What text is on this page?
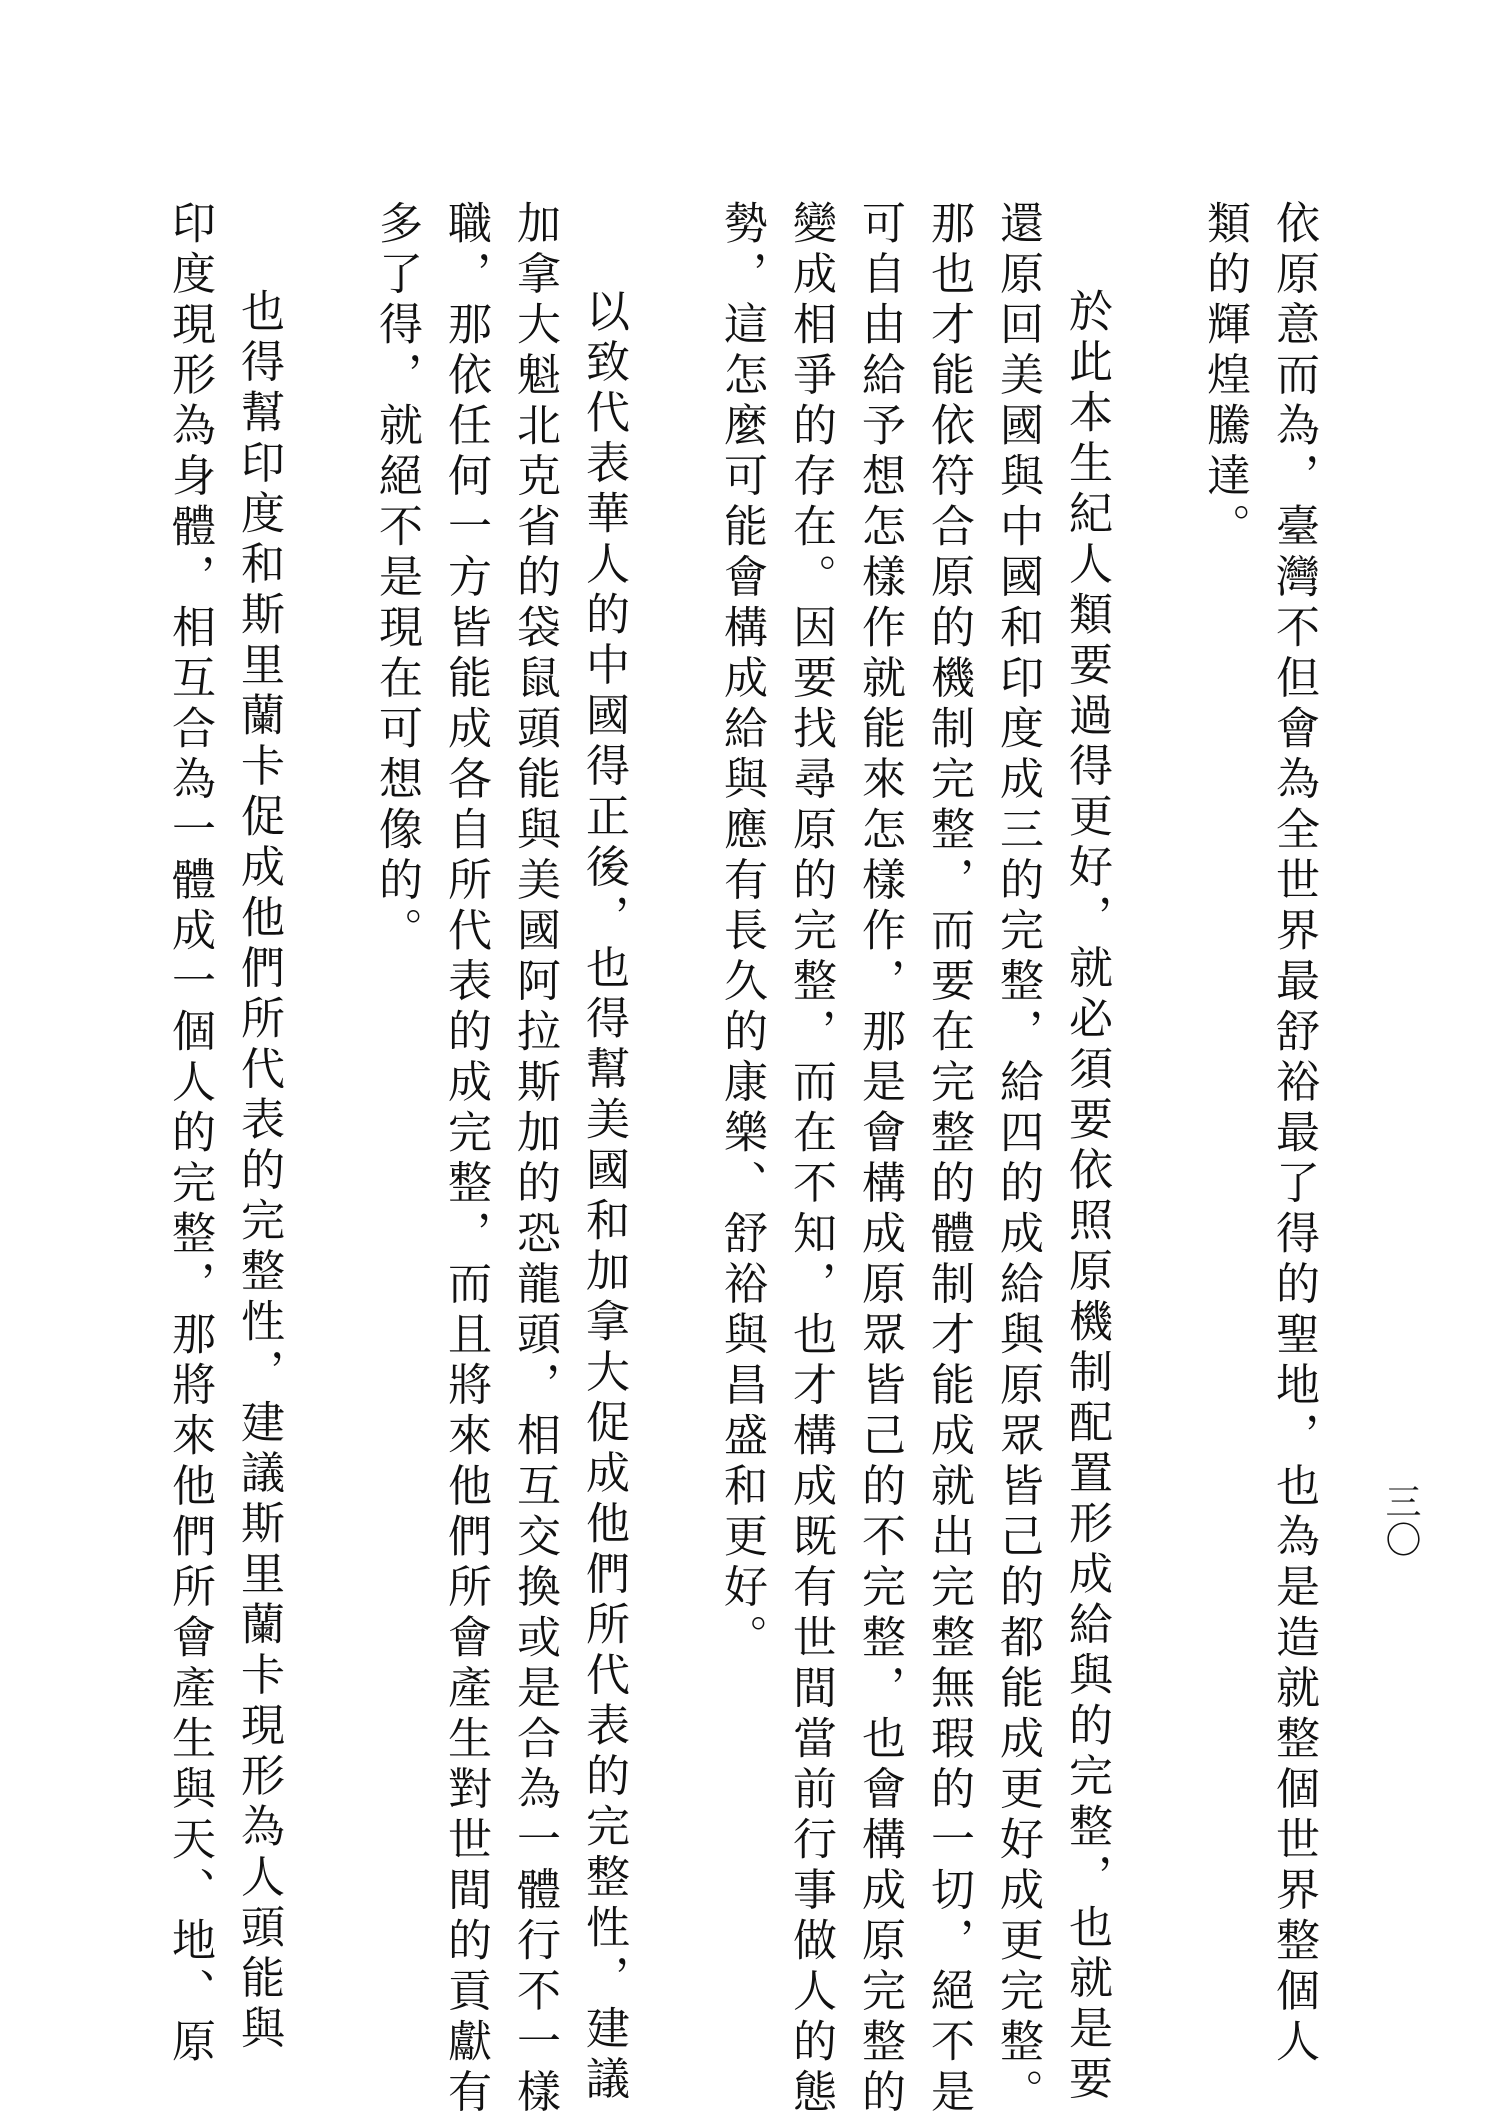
三〇
依原意而為，臺灣不但會為全世界最舒裕最了得的聖地，也為是造就整個世界整個人
類的輝煌騰達。
於此本生紀人類要過得更好，就必須要依照原機制配置形成給與的完整，也就是要
還原回美國與中國和印度成三的完整，給四的成給與原眾皆己的都能成更好成更完整。
那也才能依符合原的機制完整，而要在完整的體制才能成就出完整無瑕的一切，絕不是
可自由給予想怎樣作就能來怎樣作，那是會構成原眾皆己的不完整，也會構成原完整的
變成相爭的存在。因要找尋原的完整，而在不知，也才構成既有世間當前行事做人的態
勢，這怎麼可能會構成給與應有長久的康樂、舒裕與昌盛和更好。
以致代表華人的中國得正後，也得幫美國和加拿大促成他們所代表的完整性，建議
加拿大魁北克省的袋鼠頭能與美國阿拉斯加的恐龍頭，相互交換或是合為一體行不一樣
職，那依任何一方皆能成各自所代表的成完整，而且將來他們所會產生對世間的貢獻有
多了得，就絕不是現在可想像的。
也得幫印度和斯里蘭卡促成他們所代表的完整性，建議斯里蘭卡現形為人頭能與
印度現形為身體，相互合為一體成一個人的完整，那將來他們所會產生與天、地、原
